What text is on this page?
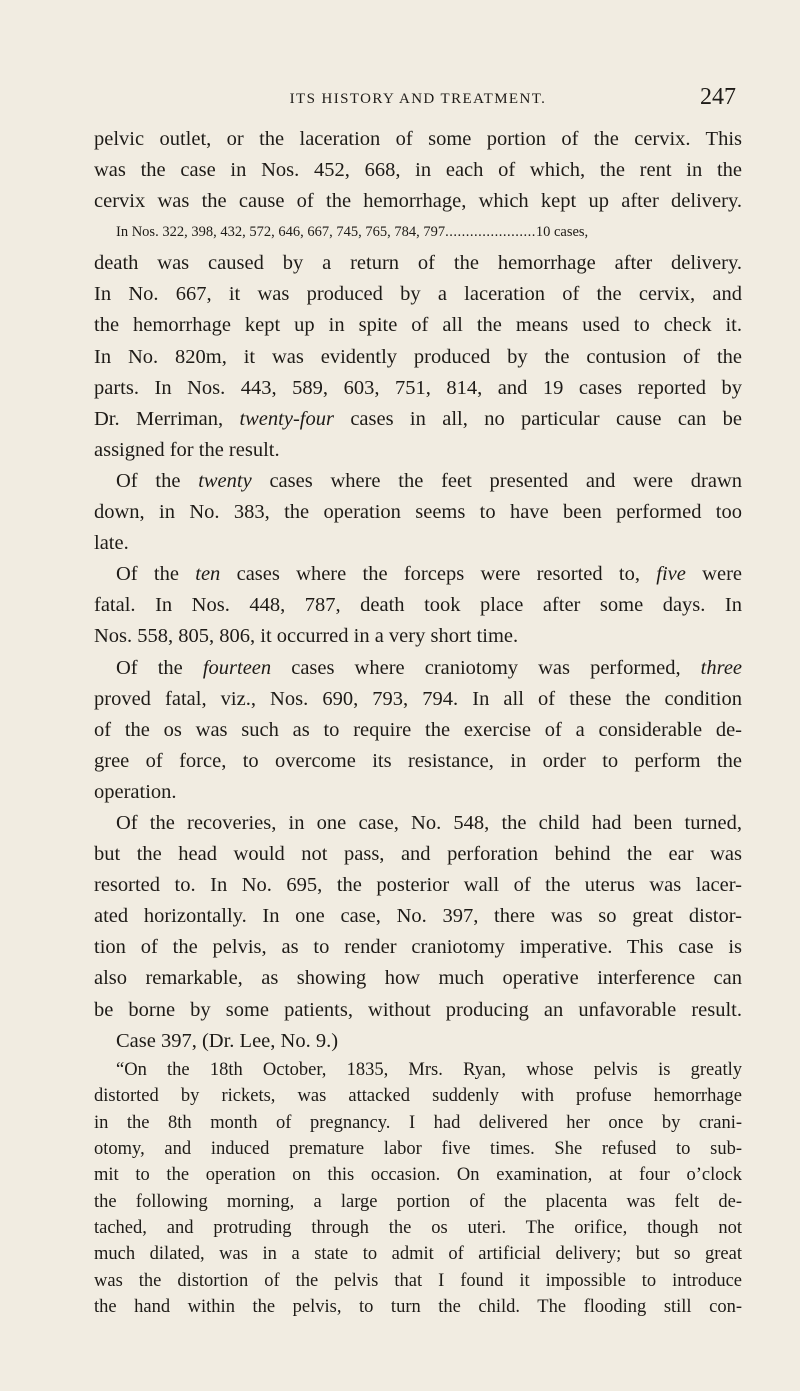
ITS HISTORY AND TREATMENT.	247
pelvic outlet, or the laceration of some portion of the cervix. This
was the case in Nos. 452, 668, in each of which, the rent in the
cervix was the cause of the hemorrhage, which kept up after delivery.
In Nos. 322, 398, 432, 572, 646, 667, 745, 765, 784, 797......................10 cases,
death was caused by a return of the hemorrhage after delivery.
In No. 667, it was produced by a laceration of the cervix, and
the hemorrhage kept up in spite of all the means used to check it.
In No. 820m, it was evidently produced by the contusion of the
parts. In Nos. 443, 589, 603, 751, 814, and 19 cases reported by
Dr. Merriman, twenty-four cases in all, no particular cause can be
assigned for the result.
Of the twenty cases where the feet presented and were drawn
down, in No. 383, the operation seems to have been performed too
late.
Of the ten cases where the forceps were resorted to, five were
fatal. In Nos. 448, 787, death took place after some days. In
Nos. 558, 805, 806, it occurred in a very short time.
Of the fourteen cases where craniotomy was performed, three
proved fatal, viz., Nos. 690, 793, 794. In all of these the condition
of the os was such as to require the exercise of a considerable de-
gree of force, to overcome its resistance, in order to perform the
operation.
Of the recoveries, in one case, No. 548, the child had been turned,
but the head would not pass, and perforation behind the ear was
resorted to. In No. 695, the posterior wall of the uterus was lacer-
ated horizontally. In one case, No. 397, there was so great distor-
tion of the pelvis, as to render craniotomy imperative. This case is
also remarkable, as showing how much operative interference can
be borne by some patients, without producing an unfavorable result.
Case 397, (Dr. Lee, No. 9.)
“On the 18th October, 1835, Mrs. Ryan, whose pelvis is greatly
distorted by rickets, was attacked suddenly with profuse hemorrhage
in the 8th month of pregnancy. I had delivered her once by crani-
otomy, and induced premature labor five times. She refused to sub-
mit to the operation on this occasion. On examination, at four o’clock
the following morning, a large portion of the placenta was felt de-
tached, and protruding through the os uteri. The orifice, though not
much dilated, was in a state to admit of artificial delivery; but so great
was the distortion of the pelvis that I found it impossible to introduce
the hand within the pelvis, to turn the child. The flooding still con-
